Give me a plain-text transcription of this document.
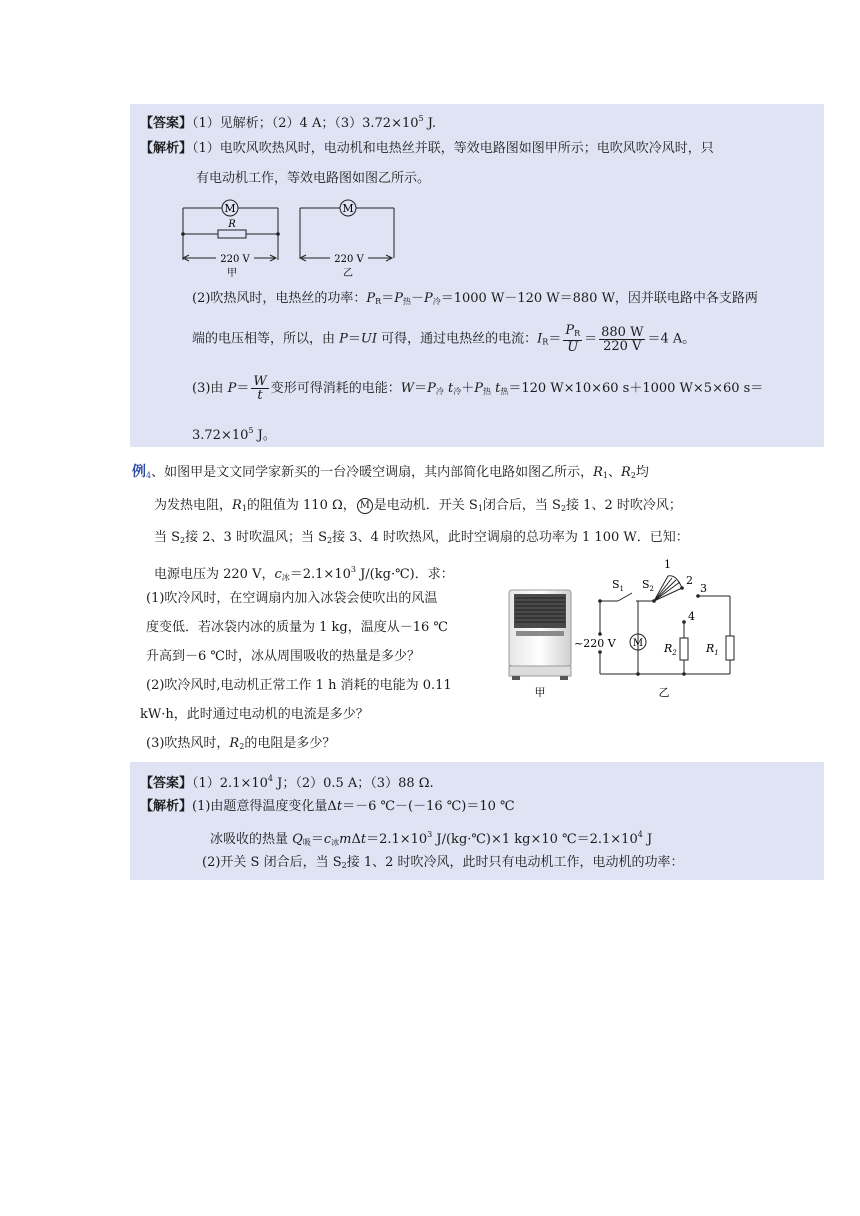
【答案】（1）见解析；（2）4 A；$(3)3.72\times 10^5$ J.
【解析】（1）电吹风吹热风时，电动机和电热丝并联，等效电路图如图甲所示；电吹风吹冷风时，只
有电动机工作，等效电路图如图乙所示。
M
R
220 V
甲
M
220 V
乙
(2)吹热风时，电热丝的功率：$P_R=P_热-P_冷=1000$ W－120 W＝880 W，因并联电路中各支路两
端的电压相等，所以，由 P＝UI 可得，通过电热丝的电流：$I_R= \frac{P_R}{U} = \frac{880 W}{220 V} =4$ A。
(3)由 $P= \frac{W}{t}$ 变形可得消耗的电能：$W=P_冷$ $t_冷+P_热$ $t_热=120$ W×10×60 s＋1000 W×5×60 s＝
$3.72\times 10^5$ J。
例$_4$、如图甲是文文同学家新买的一台冷暖空调扇，其内部简化电路如图乙所示，$R_1$、$R_2$均
为发热电阻，$R_1$的阻值为 110 Ω， M 是电动机．开关 $S_1$闭合后，当 $S_2$接 1、2 时吹冷风；
当 $S_2$接 2、3 时吹温风；当 $S_2$接 3、4 时吹热风，此时空调扇的总功率为 1 100 W．已知：
电源电压为 220 V，$c_冰=2.1\times 10^3$ J/(kg·℃)．求：
(1)吹冷风时，在空调扇内加入冰袋会使吹出的风温
度变低．若冰袋内冰的质量为 1 kg，温度从－16 ℃
升高到－6 ℃时，冰从周围吸收的热量是多少？
(2)吹冷风时,电动机正常工作 1 h 消耗的电能为 0.11
kW·h，此时通过电动机的电流是多少？
(3)吹热风时，$R_2$的电阻是多少？
甲
~220 V
$S_1$ $S_2$
1
2
3
4
M $R_2$	$R_1$
乙
【答案】$(1)2.1\times 10^4$ J；（2）0.5 A；（3）88 Ω.
【解析】(1)由题意得温度变化量Δt＝－6 ℃－(－16 ℃)＝10 ℃
冰吸收的热量 $Q_吸=c_冰m\Delta t=2.1\times 10^3$ J/(kg·℃)×1 kg×10 $℃=2.1\times 10^4$ J
(2)开关 S 闭合后，当 $S_2$接 1、2 时吹冷风，此时只有电动机工作，电动机的功率：
